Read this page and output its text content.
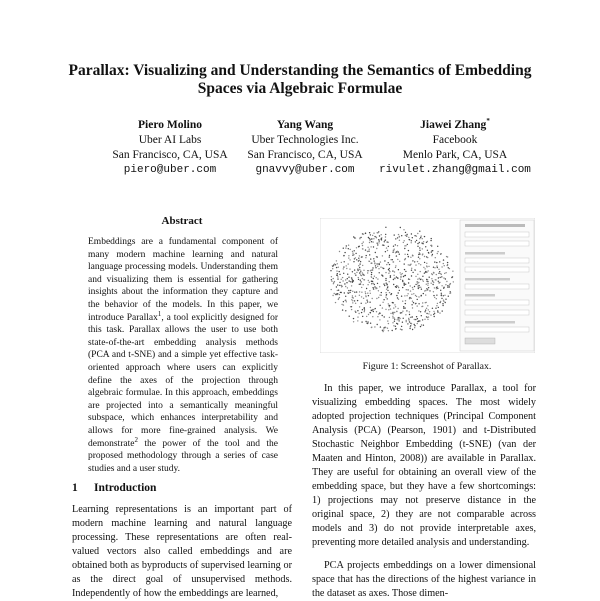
Parallax: Visualizing and Understanding the Semantics of Embedding Spaces via Algebraic Formulae
Piero Molino
Uber AI Labs
San Francisco, CA, USA
piero@uber.com
Yang Wang
Uber Technologies Inc.
San Francisco, CA, USA
gnavvy@uber.com
Jiawei Zhang*
Facebook
Menlo Park, CA, USA
rivulet.zhang@gmail.com
Abstract
Embeddings are a fundamental component of many modern machine learning and natural language processing models. Understanding them and visualizing them is essential for gathering insights about the information they capture and the behavior of the models. In this paper, we introduce Parallax$^1$, a tool explicitly designed for this task. Parallax allows the user to use both state-of-the-art embedding analysis methods (PCA and t-SNE) and a simple yet effective task-oriented approach where users can explicitly define the axes of the projection through algebraic formulae. In this approach, embeddings are projected into a semantically meaningful subspace, which enhances interpretability and allows for more fine-grained analysis. We demonstrate$^2$ the power of the tool and the proposed methodology through a series of case studies and a user study.
1 Introduction
Learning representations is an important part of modern machine learning and natural language processing. These representations are often real-valued vectors also called embeddings and are obtained both as byproducts of supervised learning or as the direct goal of unsupervised methods. Independently of how the embeddings are learned,
Figure 1: Screenshot of Parallax.
In this paper, we introduce Parallax, a tool for visualizing embedding spaces. The most widely adopted projection techniques (Principal Component Analysis (PCA) (Pearson, 1901) and t-Distributed Stochastic Neighbor Embedding (t-SNE) (van der Maaten and Hinton, 2008)) are available in Parallax. They are useful for obtaining an overall view of the embedding space, but they have a few shortcomings: 1) projections may not preserve distance in the original space, 2) they are not comparable across models and 3) do not provide interpretable axes, preventing more detailed analysis and understanding.
PCA projects embeddings on a lower dimensional space that has the directions of the highest variance in the dataset as axes. Those dimen-
